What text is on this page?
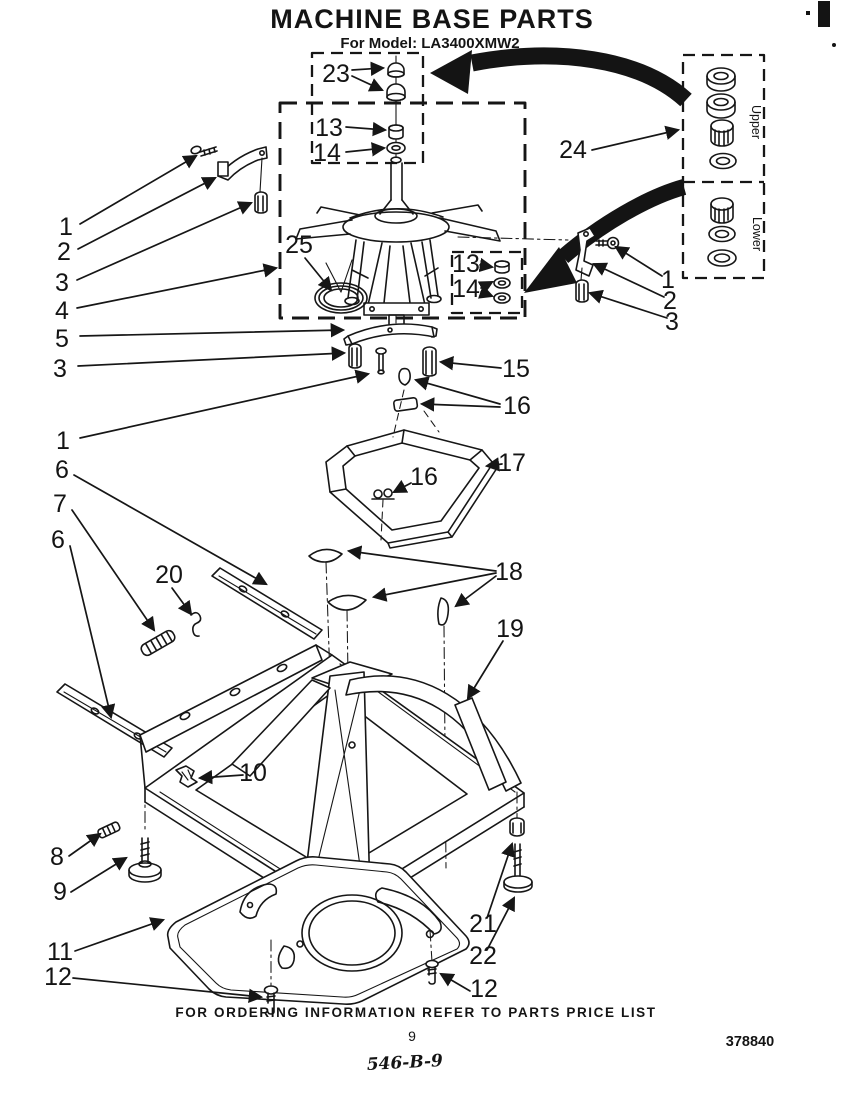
MACHINE BASE PARTS
For Model: LA3400XMW2
Upper
Lower
23
13
14
25
24
13
14	1
2
3
1
2
3
4
5
3
1
15
16
17
16
6
7
6
20	18
19
10
8
9
11
12
21
22
12
FOR ORDERING INFORMATION REFER TO PARTS PRICE LIST
9
546-B-9
378840
